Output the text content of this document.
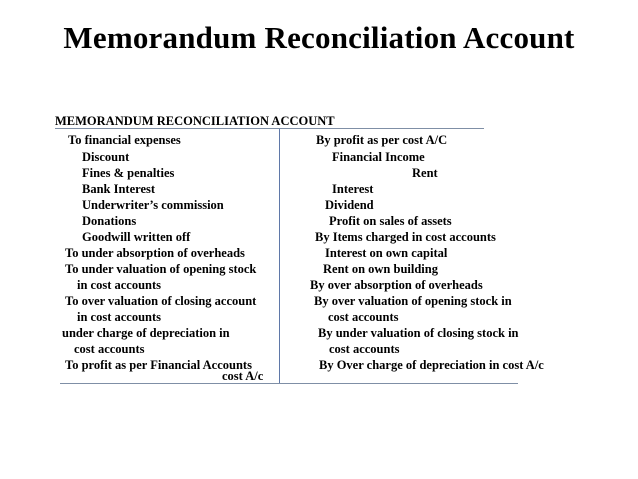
Memorandum Reconciliation Account
MEMORANDUM RECONCILIATION ACCOUNT
To financial expenses
Discount
Fines & penalties
Bank Interest
Underwriter’s commission
Donations
Goodwill written off
To under absorption of overheads
To under valuation of opening stock
in cost accounts
To over valuation of closing account
in cost accounts
under charge of depreciation in
cost accounts
To profit as per Financial Accounts
cost A/c
By profit as per cost A/C
Financial Income
Rent
Interest
Dividend
Profit on sales of assets
By Items charged in cost accounts
Interest on own capital
Rent on own building
By over absorption of overheads
By over valuation of opening stock in
cost accounts
By under valuation of closing stock in
cost accounts
By Over charge of depreciation in cost A/c
